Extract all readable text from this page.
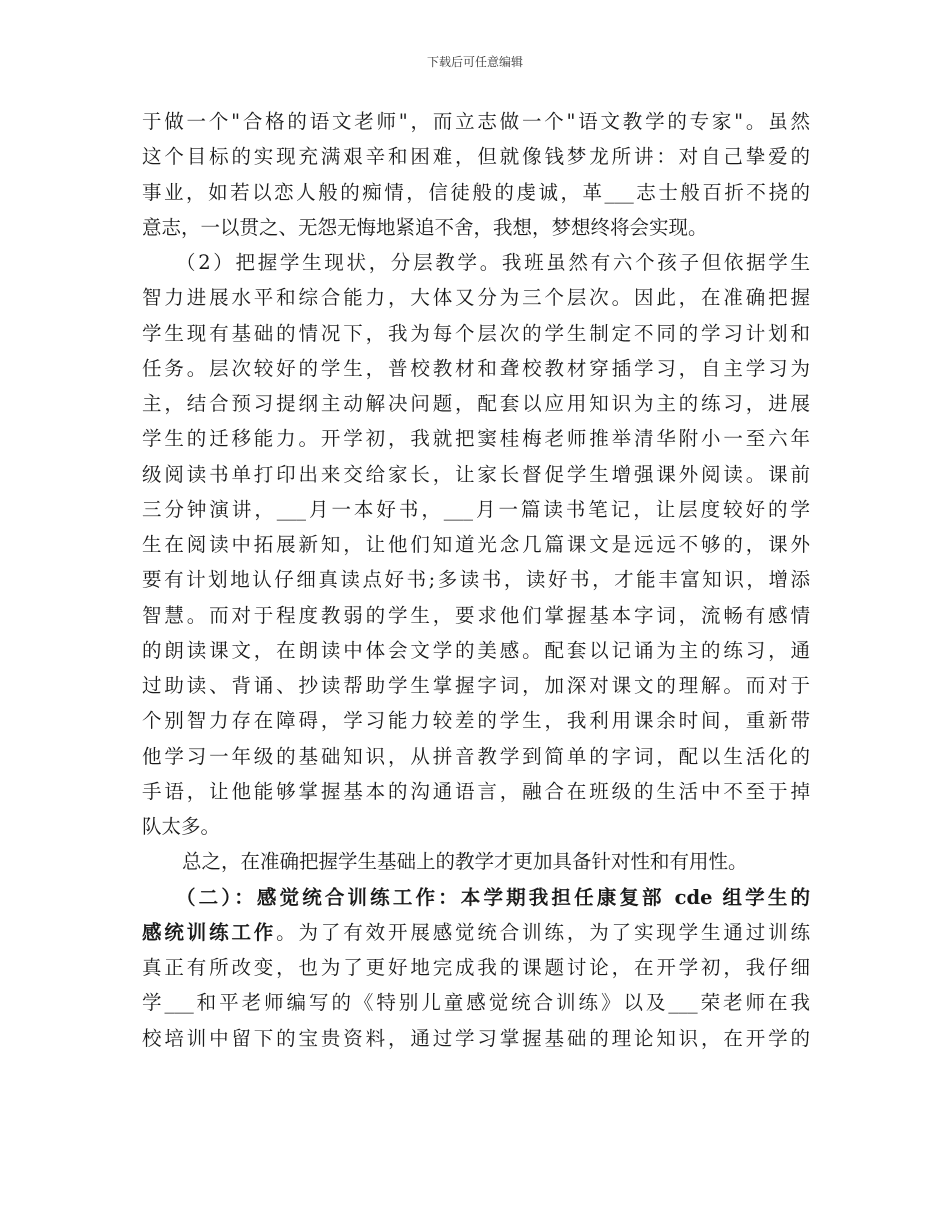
下载后可任意编辑
于做一个"合格的语文老师"，而立志做一个"语文教学的专家"。虽然
这个目标的实现充满艰辛和困难，但就像钱梦龙所讲：对自己挚爱的
事业，如若以恋人般的痴情，信徒般的虔诚，革___志士般百折不挠的
意志，一以贯之、无怨无悔地紧追不舍，我想，梦想终将会实现。
（2）把握学生现状，分层教学。我班虽然有六个孩子但依据学生
智力进展水平和综合能力，大体又分为三个层次。因此，在准确把握
学生现有基础的情况下，我为每个层次的学生制定不同的学习计划和
任务。层次较好的学生，普校教材和聋校教材穿插学习，自主学习为
主，结合预习提纲主动解决问题，配套以应用知识为主的练习，进展
学生的迁移能力。开学初，我就把窦桂梅老师推举清华附小一至六年
级阅读书单打印出来交给家长，让家长督促学生增强课外阅读。课前
三分钟演讲，___月一本好书，___月一篇读书笔记，让层度较好的学
生在阅读中拓展新知，让他们知道光念几篇课文是远远不够的，课外
要有计划地认仔细真读点好书;多读书，读好书，才能丰富知识，增添
智慧。而对于程度教弱的学生，要求他们掌握基本字词，流畅有感情
的朗读课文，在朗读中体会文学的美感。配套以记诵为主的练习，通
过助读、背诵、抄读帮助学生掌握字词，加深对课文的理解。而对于
个别智力存在障碍，学习能力较差的学生，我利用课余时间，重新带
他学习一年级的基础知识，从拼音教学到简单的字词，配以生活化的
手语，让他能够掌握基本的沟通语言，融合在班级的生活中不至于掉
队太多。
总之，在准确把握学生基础上的教学才更加具备针对性和有用性。
（二）：感觉统合训练工作：本学期我担任康复部 cde 组学生的
感统训练工作。为了有效开展感觉统合训练，为了实现学生通过训练
真正有所改变，也为了更好地完成我的课题讨论，在开学初，我仔细
学___和平老师编写的《特别儿童感觉统合训练》以及___荣老师在我
校培训中留下的宝贵资料，通过学习掌握基础的理论知识，在开学的
